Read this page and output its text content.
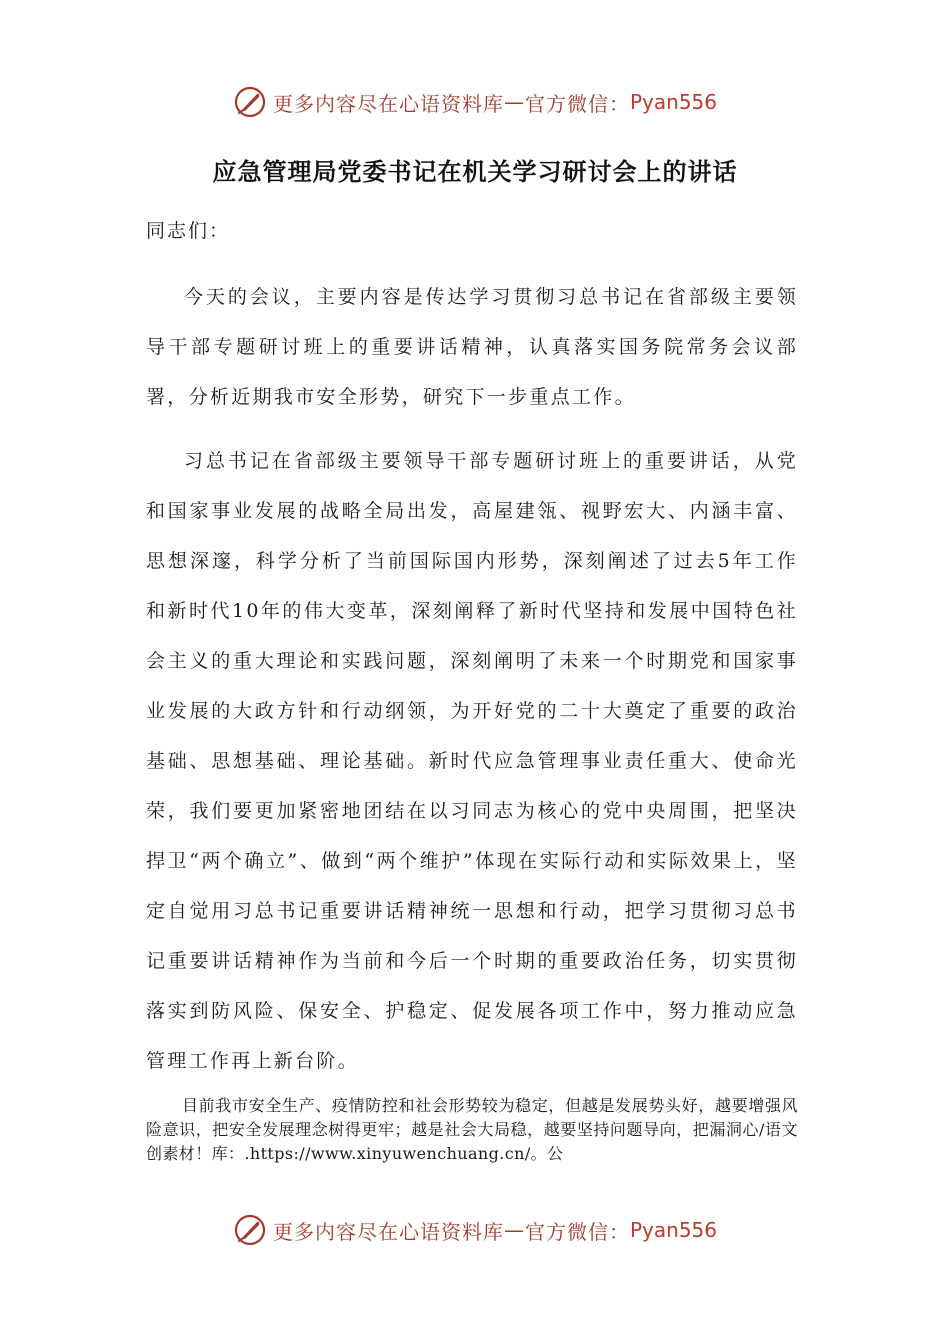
更多内容尽在心语资料库 — 官方微信： Pyan556
应急管理局党委书记在机关学习研讨会上的讲话
同志们：

今天的会议，主要内容是传达学习贯彻习总书记在省部级主要领导干部专题研讨班上的重要讲话精神，认真落实国务院常务会议部署，分析近期我市安全形势，研究下一步重点工作。

习总书记在省部级主要领导干部专题研讨班上的重要讲话，从党和国家事业发展的战略全局出发，高屋建瓴、视野宏大、内涵丰富、思想深邃，科学分析了当前国际国内形势，深刻阐述了过去5年工作和新时代10年的伟大变革，深刻阐释了新时代坚持和发展中国特色社会主义的重大理论和实践问题，深刻阐明了未来一个时期党和国家事业发展的大政方针和行动纲领，为开好党的二十大奠定了重要的政治基础、思想基础、理论基础。新时代应急管理事业责任重大、使命光荣，我们要更加紧密地团结在以习同志为核心的党中央周围，把坚决捍卫“两个确立”、做到“两个维护”体现在实际行动和实际效果上，坚定自觉用习总书记重要讲话精神统一思想和行动，把学习贯彻习总书记重要讲话精神作为当前和今后一个时期的重要政治任务，切实贯彻落实到防风险、保安全、护稳定、促发展各项工作中，努力推动应急管理工作再上新台阶。

目前我市安全生产、疫情防控和社会形势较为稳定，但越是发展势头好，越要增强风险意识，把安全发展理念树得更牢；越是社会大局稳，越要坚持问题导向，把漏洞心/语文创素材！库：.https://www.xinyuwenchuang.cn/。公

更多内容尽在心语资料库 — 官方微信： Pyan556
